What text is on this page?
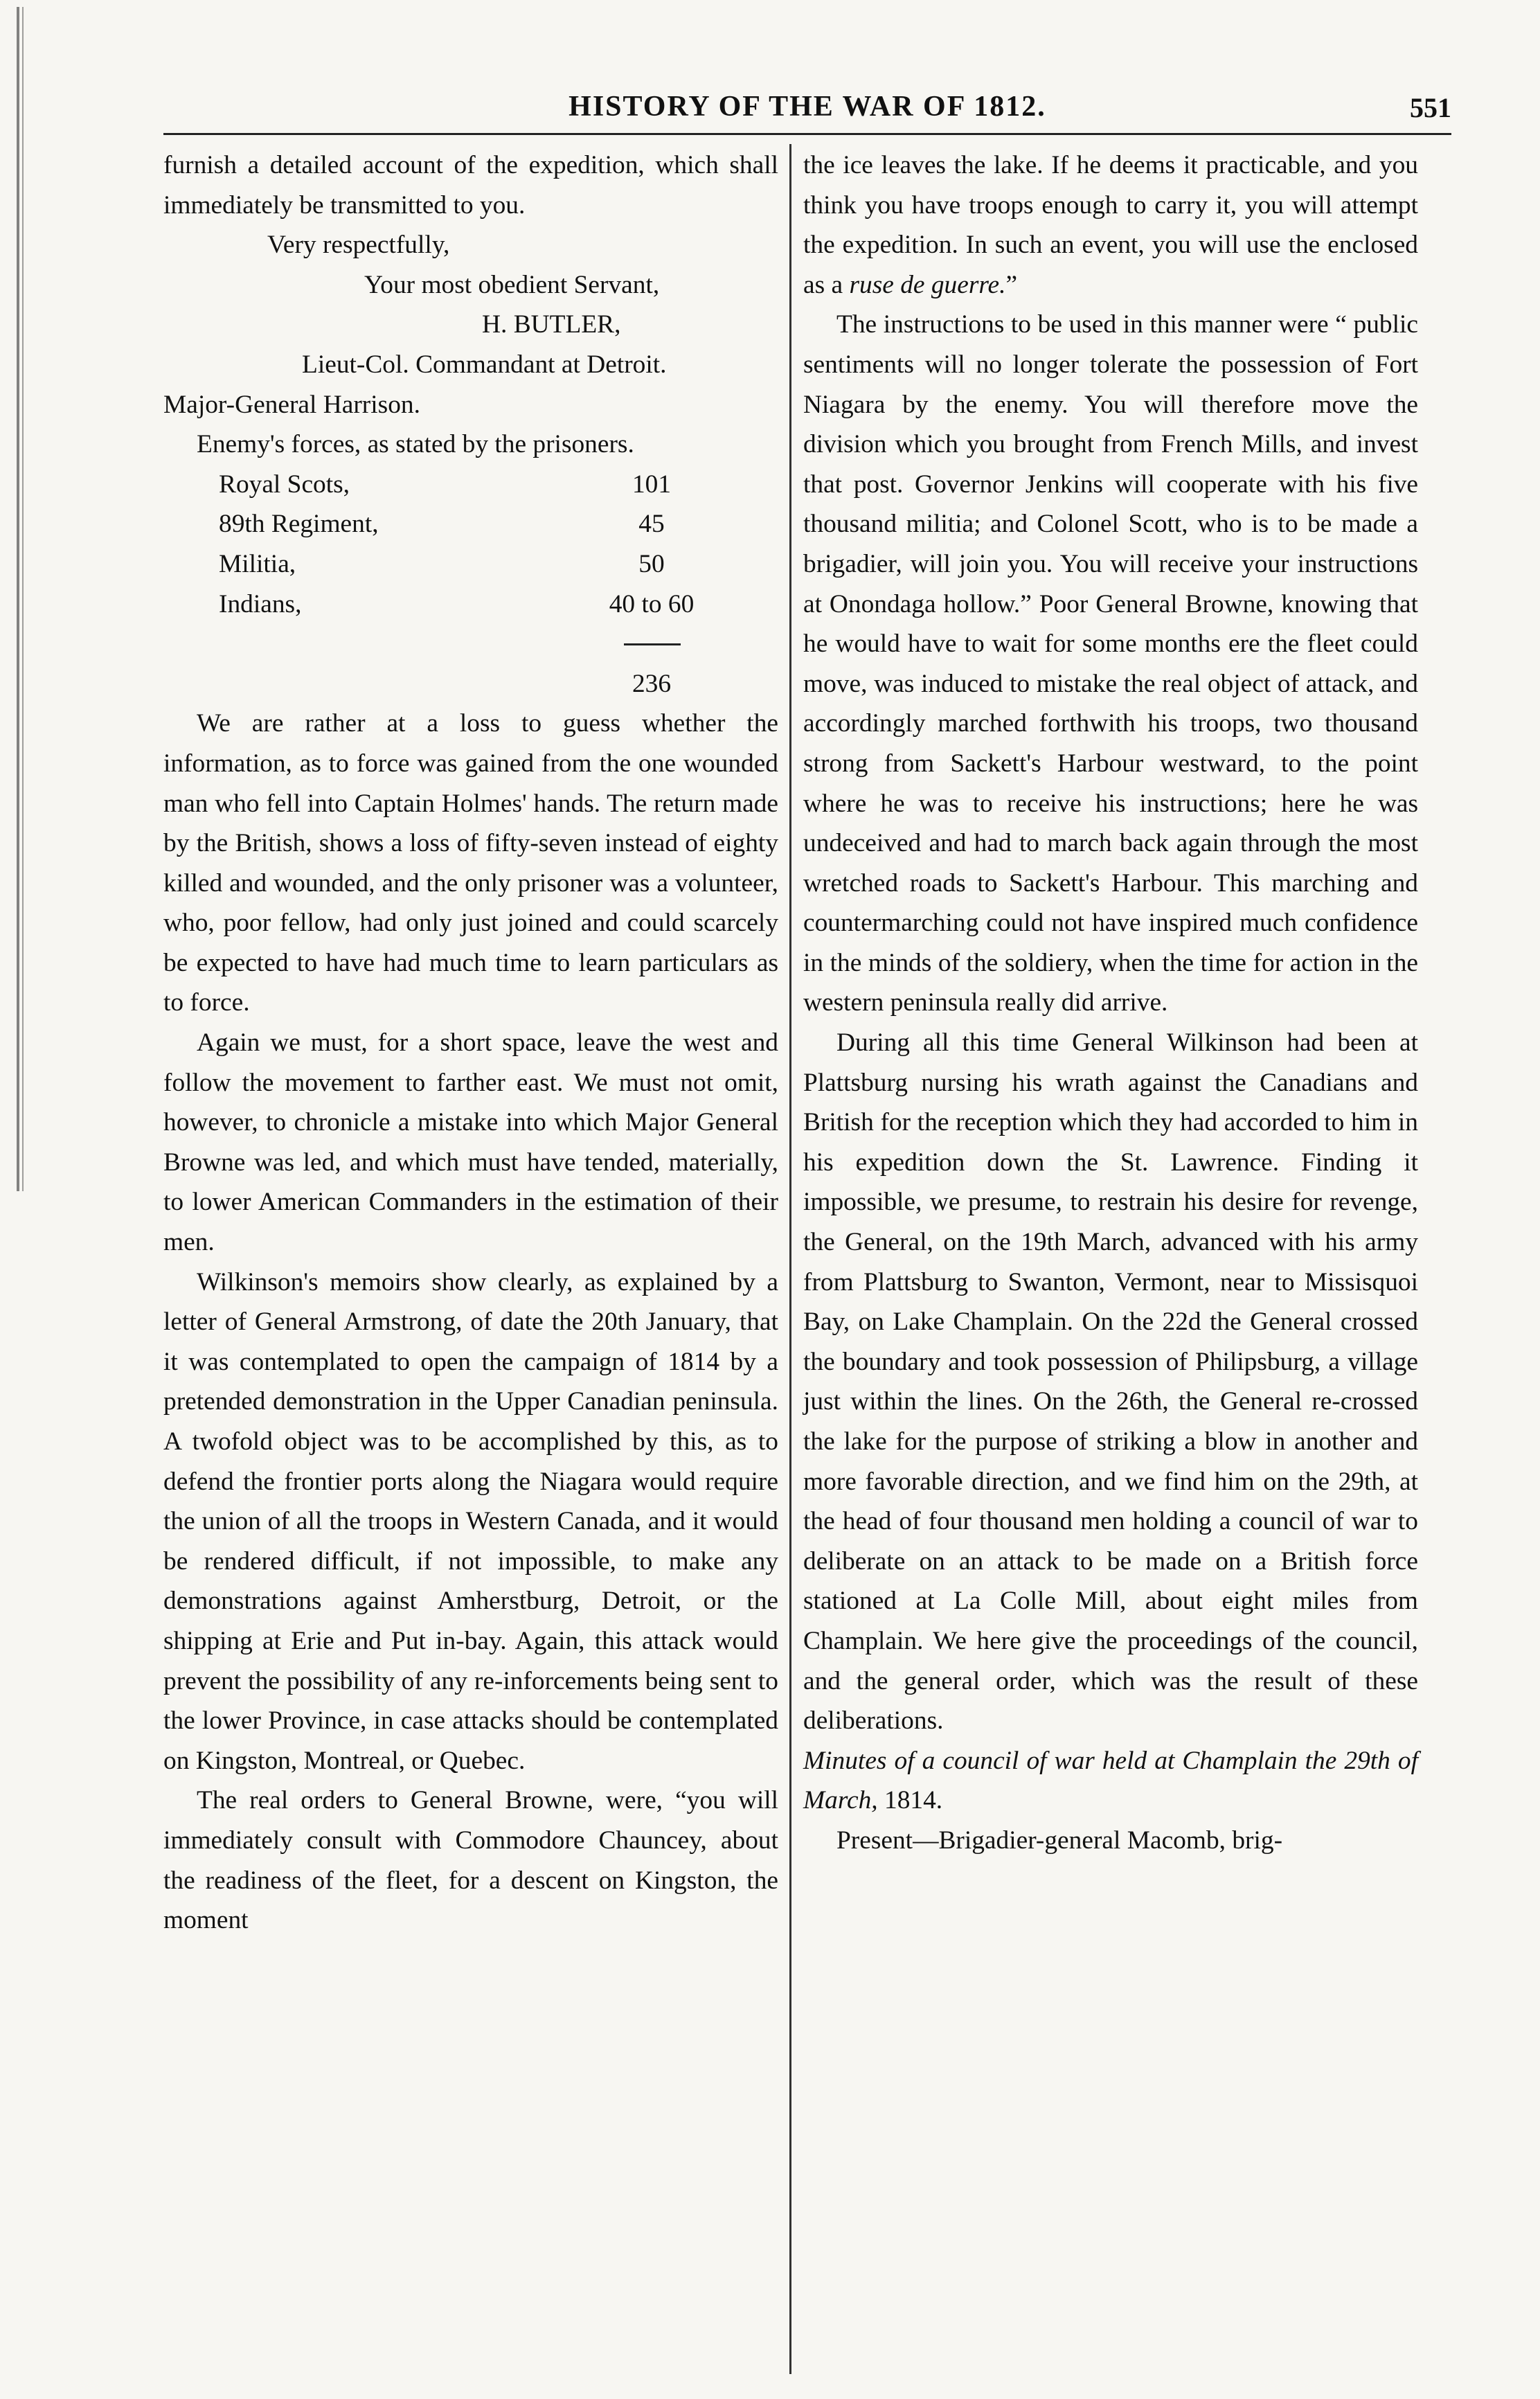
HISTORY OF THE WAR OF 1812.	551

furnish a detailed account of the expedition, which shall immediately be transmitted to you.

Very respectfully,
Your most obedient Servant,
H. BUTLER,
Lieut-Col. Commandant at Detroit.
Major-General Harrison.

Enemy's forces, as stated by the prisoners.

Royal Scots,	101
89th Regiment,	45
Militia,	50
Indians,	40 to 60

	236

We are rather at a loss to guess whether the information, as to force was gained from the one wounded man who fell into Captain Holmes' hands. The return made by the British, shows a loss of fifty-seven instead of eighty killed and wounded, and the only prisoner was a volunteer, who, poor fellow, had only just joined and could scarcely be expected to have had much time to learn particulars as to force.

Again we must, for a short space, leave the west and follow the movement to farther east. We must not omit, however, to chronicle a mistake into which Major General Browne was led, and which must have tended, materially, to lower American Commanders in the estimation of their men.

Wilkinson's memoirs show clearly, as explained by a letter of General Armstrong, of date the 20th January, that it was contemplated to open the campaign of 1814 by a pretended demonstration in the Upper Canadian peninsula. A twofold object was to be accomplished by this, as to defend the frontier ports along the Niagara would require the union of all the troops in Western Canada, and it would be rendered difficult, if not impossible, to make any demonstrations against Amherstburg, Detroit, or the shipping at Erie and Put in-bay. Again, this attack would prevent the possibility of any re-inforcements being sent to the lower Province, in case attacks should be contemplated on Kingston, Montreal, or Quebec.

The real orders to General Browne, were, “you will immediately consult with Commodore Chauncey, about the readiness of the fleet, for a descent on Kingston, the moment

the ice leaves the lake. If he deems it practicable, and you think you have troops enough to carry it, you will attempt the expedition. In such an event, you will use the enclosed as a ruse de guerre.”

The instructions to be used in this manner were “ public sentiments will no longer tolerate the possession of Fort Niagara by the enemy. You will therefore move the division which you brought from French Mills, and invest that post. Governor Jenkins will cooperate with his five thousand militia; and Colonel Scott, who is to be made a brigadier, will join you. You will receive your instructions at Onondaga hollow.” Poor General Browne, knowing that he would have to wait for some months ere the fleet could move, was induced to mistake the real object of attack, and accordingly marched forthwith his troops, two thousand strong from Sackett's Harbour westward, to the point where he was to receive his instructions; here he was undeceived and had to march back again through the most wretched roads to Sackett's Harbour. This marching and countermarching could not have inspired much confidence in the minds of the soldiery, when the time for action in the western peninsula really did arrive.

During all this time General Wilkinson had been at Plattsburg nursing his wrath against the Canadians and British for the reception which they had accorded to him in his expedition down the St. Lawrence. Finding it impossible, we presume, to restrain his desire for revenge, the General, on the 19th March, advanced with his army from Plattsburg to Swanton, Vermont, near to Missisquoi Bay, on Lake Champlain. On the 22d the General crossed the boundary and took possession of Philipsburg, a village just within the lines. On the 26th, the General re-crossed the lake for the purpose of striking a blow in another and more favorable direction, and we find him on the 29th, at the head of four thousand men holding a council of war to deliberate on an attack to be made on a British force stationed at La Colle Mill, about eight miles from Champlain. We here give the proceedings of the council, and the general order, which was the result of these deliberations.

Minutes of a council of war held at Champlain the 29th of March, 1814.

Present—Brigadier-general Macomb, brig-
